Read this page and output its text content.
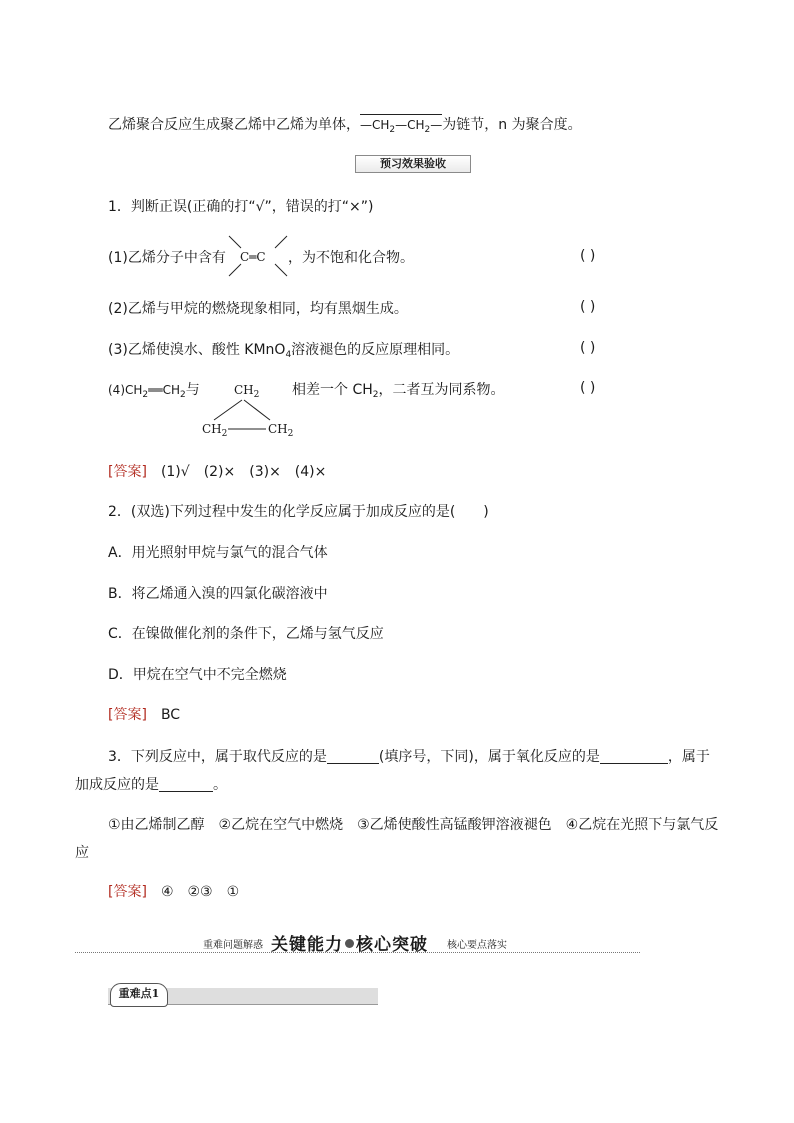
乙烯聚合反应生成聚乙烯中乙烯为单体，$—CH_2—CH_2—$为链节，n 为聚合度。
预习效果验收
1．判断正误(正确的打“√”，错误的打“×”)
(1)乙烯分子中含有 C═C ，为不饱和化合物。	( )
(2)乙烯与甲烷的燃烧现象相同，均有黑烟生成。	( )
(3)乙烯使溴水、酸性 KMnO$_4$溶液褪色的反应原理相同。	( )
$(4)CH_2══CH_2$与	$CH_2$
$CH_2$	$CH_2$
相差一个 $CH_2$，二者互为同系物。	( )
[答案]　 (1)√　(2)×　(3)×　(4)×
2．(双选)下列过程中发生的化学反应属于加成反应的是(　　)
A．用光照射甲烷与氯气的混合气体
B．将乙烯通入溴的四氯化碳溶液中
C．在镍做催化剂的条件下，乙烯与氢气反应
D．甲烷在空气中不完全燃烧
[答案]　 BC
3．下列反应中，属于取代反应的是	(填序号，下同)，属于氧化反应的是	，属于
加成反应的是	。
①由乙烯制乙醇　②乙烷在空气中燃烧　③乙烯使酸性高锰酸钾溶液褪色　④乙烷在光照下与氯气反
应
[答案]　 ④　②③　①
重难问题解惑 关键能力 核心突破 核心要点落实
重难点1
